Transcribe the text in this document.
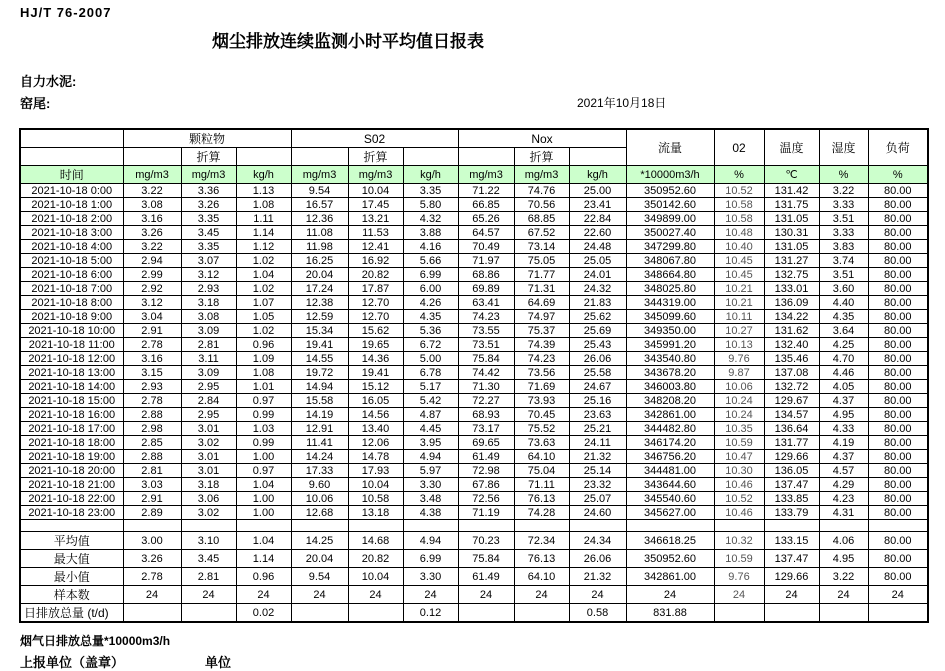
HJ/T 76-2007
烟尘排放连续监测小时平均值日报表
自力水泥:
窑尾:	2021年10月18日
	颗粒物			S02			Nox			流量	02	温度	湿度	负荷
		折算			折算			折算						
时间	mg/m3	mg/m3	kg/h	mg/m3	mg/m3	kg/h	mg/m3	mg/m3	kg/h	*10000m3/h	%	℃	%	%
2021-10-18 0:00	3.22	3.36	1.13	9.54	10.04	3.35	71.22	74.76	25.00	350952.60	10.52	131.42	3.22	80.00
2021-10-18 1:00	3.08	3.26	1.08	16.57	17.45	5.80	66.85	70.56	23.41	350142.60	10.58	131.75	3.33	80.00
2021-10-18 2:00	3.16	3.35	1.11	12.36	13.21	4.32	65.26	68.85	22.84	349899.00	10.58	131.05	3.51	80.00
2021-10-18 3:00	3.26	3.45	1.14	11.08	11.53	3.88	64.57	67.52	22.60	350027.40	10.48	130.31	3.33	80.00
2021-10-18 4:00	3.22	3.35	1.12	11.98	12.41	4.16	70.49	73.14	24.48	347299.80	10.40	131.05	3.83	80.00
2021-10-18 5:00	2.94	3.07	1.02	16.25	16.92	5.66	71.97	75.05	25.05	348067.80	10.45	131.27	3.74	80.00
2021-10-18 6:00	2.99	3.12	1.04	20.04	20.82	6.99	68.86	71.77	24.01	348664.80	10.45	132.75	3.51	80.00
2021-10-18 7:00	2.92	2.93	1.02	17.24	17.87	6.00	69.89	71.31	24.32	348025.80	10.21	133.01	3.60	80.00
2021-10-18 8:00	3.12	3.18	1.07	12.38	12.70	4.26	63.41	64.69	21.83	344319.00	10.21	136.09	4.40	80.00
2021-10-18 9:00	3.04	3.08	1.05	12.59	12.70	4.35	74.23	74.97	25.62	345099.60	10.11	134.22	4.35	80.00
2021-10-18 10:00	2.91	3.09	1.02	15.34	15.62	5.36	73.55	75.37	25.69	349350.00	10.27	131.62	3.64	80.00
2021-10-18 11:00	2.78	2.81	0.96	19.41	19.65	6.72	73.51	74.39	25.43	345991.20	10.13	132.40	4.25	80.00
2021-10-18 12:00	3.16	3.11	1.09	14.55	14.36	5.00	75.84	74.23	26.06	343540.80	9.76	135.46	4.70	80.00
2021-10-18 13:00	3.15	3.09	1.08	19.72	19.41	6.78	74.42	73.56	25.58	343678.20	9.87	137.08	4.46	80.00
2021-10-18 14:00	2.93	2.95	1.01	14.94	15.12	5.17	71.30	71.69	24.67	346003.80	10.06	132.72	4.05	80.00
2021-10-18 15:00	2.78	2.84	0.97	15.58	16.05	5.42	72.27	73.93	25.16	348208.20	10.24	129.67	4.37	80.00
2021-10-18 16:00	2.88	2.95	0.99	14.19	14.56	4.87	68.93	70.45	23.63	342861.00	10.24	134.57	4.95	80.00
2021-10-18 17:00	2.98	3.01	1.03	12.91	13.40	4.45	73.17	75.52	25.21	344482.80	10.35	136.64	4.33	80.00
2021-10-18 18:00	2.85	3.02	0.99	11.41	12.06	3.95	69.65	73.63	24.11	346174.20	10.59	131.77	4.19	80.00
2021-10-18 19:00	2.88	3.01	1.00	14.24	14.78	4.94	61.49	64.10	21.32	346756.20	10.47	129.66	4.37	80.00
2021-10-18 20:00	2.81	3.01	0.97	17.33	17.93	5.97	72.98	75.04	25.14	344481.00	10.30	136.05	4.57	80.00
2021-10-18 21:00	3.03	3.18	1.04	9.60	10.04	3.30	67.86	71.11	23.32	343644.60	10.46	137.47	4.29	80.00
2021-10-18 22:00	2.91	3.06	1.00	10.06	10.58	3.48	72.56	76.13	25.07	345540.60	10.52	133.85	4.23	80.00
2021-10-18 23:00	2.89	3.02	1.00	12.68	13.18	4.38	71.19	74.28	24.60	345627.00	10.46	133.79	4.31	80.00

平均值	3.00	3.10	1.04	14.25	14.68	4.94	70.23	72.34	24.34	346618.25	10.32	133.15	4.06	80.00
最大值	3.26	3.45	1.14	20.04	20.82	6.99	75.84	76.13	26.06	350952.60	10.59	137.47	4.95	80.00
最小值	2.78	2.81	0.96	9.54	10.04	3.30	61.49	64.10	21.32	342861.00	9.76	129.66	3.22	80.00
样本数	24	24	24	24	24	24	24	24	24	24	24	24	24	24
日排放总量 (t/d)			0.02			0.12			0.58	831.88				
烟气日排放总量*10000m3/h
上报单位（盖章）	单位
